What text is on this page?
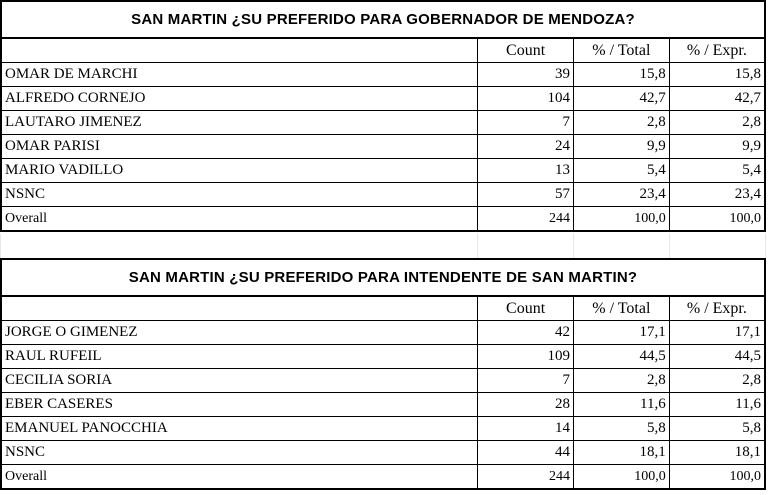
SAN MARTIN ¿SU PREFERIDO PARA GOBERNADOR DE MENDOZA?
	Count	% / Total	% / Expr.
OMAR DE MARCHI	39	15,8	15,8
ALFREDO CORNEJO	104	42,7	42,7
LAUTARO JIMENEZ	7	2,8	2,8
OMAR PARISI	24	9,9	9,9
MARIO VADILLO	13	5,4	5,4
NSNC	57	23,4	23,4
Overall	244	100,0	100,0
SAN MARTIN ¿SU PREFERIDO PARA INTENDENTE DE SAN MARTIN?
	Count	% / Total	% / Expr.
JORGE O GIMENEZ	42	17,1	17,1
RAUL RUFEIL	109	44,5	44,5
CECILIA SORIA	7	2,8	2,8
EBER CASERES	28	11,6	11,6
EMANUEL PANOCCHIA	14	5,8	5,8
NSNC	44	18,1	18,1
Overall	244	100,0	100,0
